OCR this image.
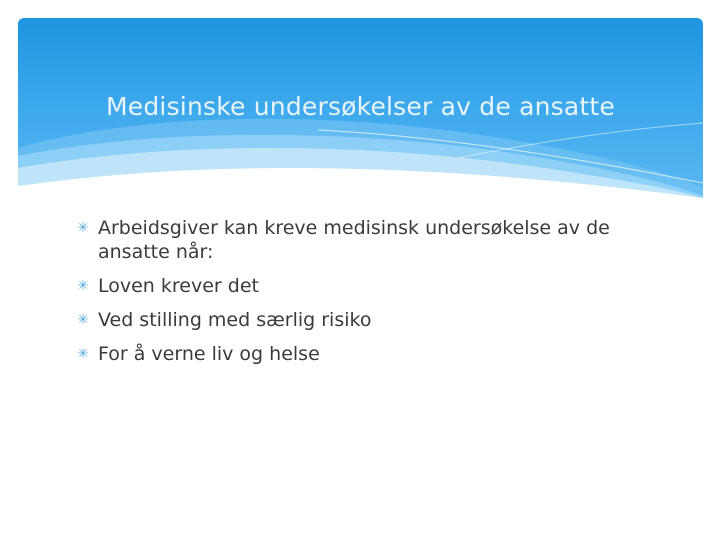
Medisinske undersøkelser av de ansatte
✳ Arbeidsgiver kan kreve medisinsk undersøkelse av de ansatte når:
✳ Loven krever det
✳ Ved stilling med særlig risiko
✳ For å verne liv og helse
